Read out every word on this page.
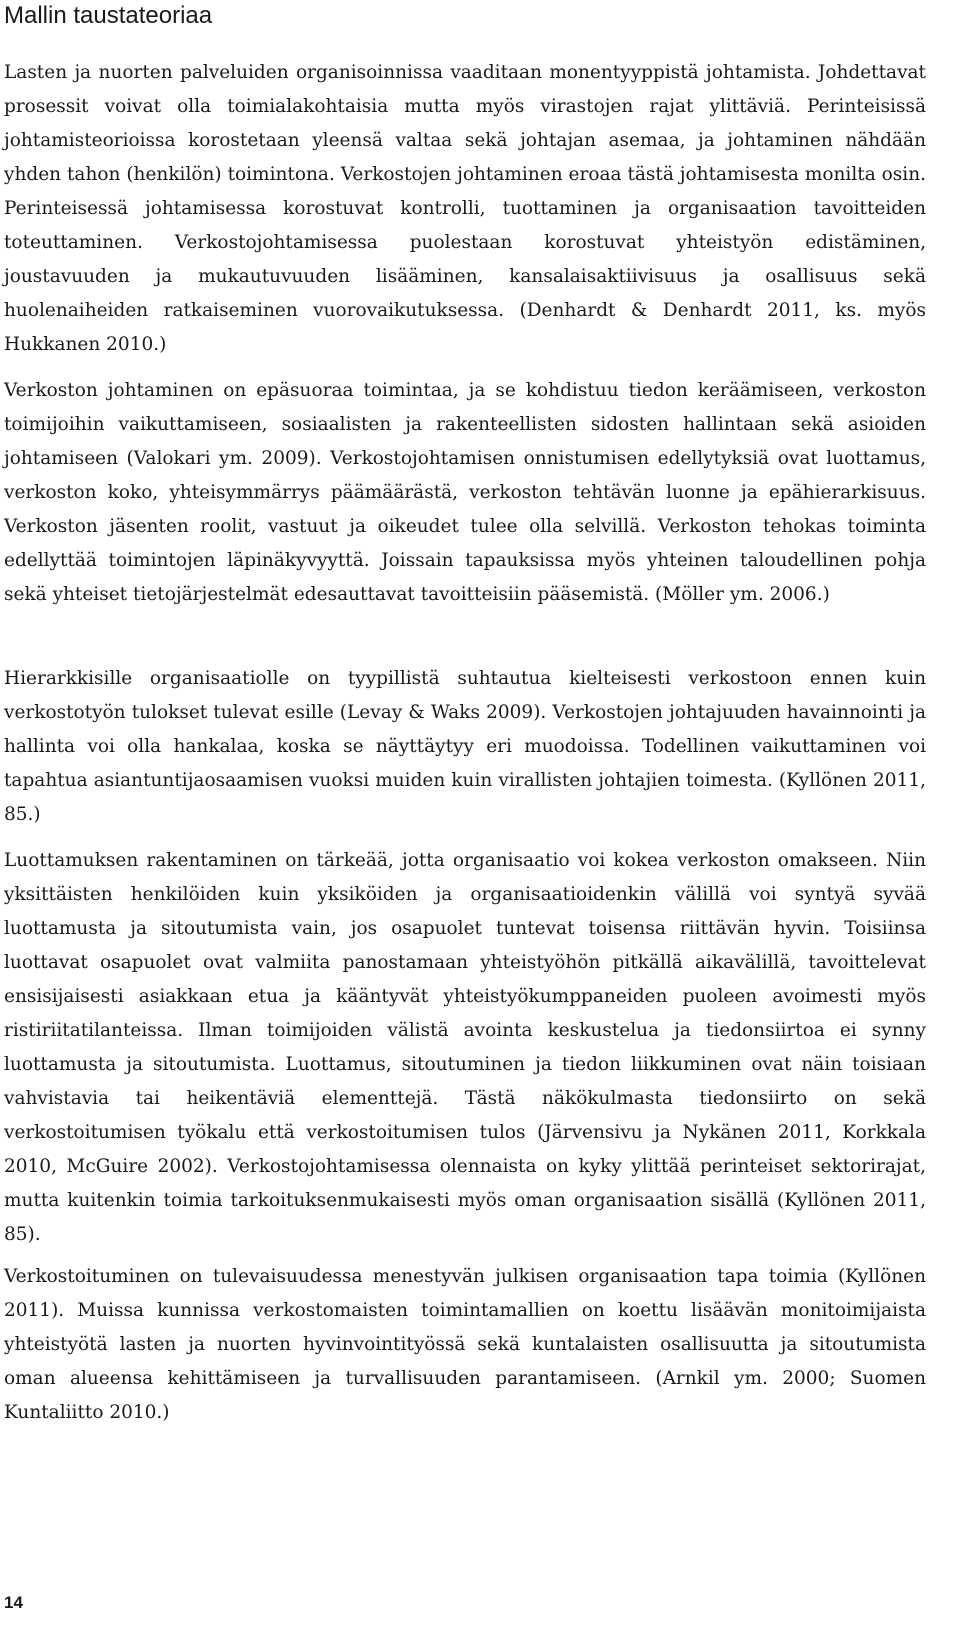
Mallin taustateoriaa

Lasten ja nuorten palveluiden organisoinnissa vaaditaan monentyyppistä johtamista. Johdettavat prosessit voivat olla toimialakohtaisia mutta myös virastojen rajat ylittäviä. Perinteisissä johtamisteorioissa korostetaan yleensä valtaa sekä johtajan asemaa, ja johtaminen nähdään yhden tahon (henkilön) toimintona. Verkostojen johtaminen eroaa tästä johtamisesta monilta osin. Perinteisessä johtamisessa korostuvat kontrolli, tuottaminen ja organisaation tavoitteiden toteuttaminen. Verkostojohtamisessa puolestaan korostuvat yhteistyön edistäminen, joustavuuden ja mukautuvuuden lisääminen, kansalaisaktiivisuus ja osallisuus sekä huolenaiheiden ratkaiseminen vuorovaikutuksessa. (Denhardt & Denhardt 2011, ks. myös Hukkanen 2010.)

Verkoston johtaminen on epäsuoraa toimintaa, ja se kohdistuu tiedon keräämiseen, verkoston toimijoihin vaikuttamiseen, sosiaalisten ja rakenteellisten sidosten hallintaan sekä asioiden johtamiseen (Valokari ym. 2009). Verkostojohtamisen onnistumisen edellytyksiä ovat luottamus, verkoston koko, yhteisymmärrys päämäärästä, verkoston tehtävän luonne ja epähierarkisuus. Verkoston jäsenten roolit, vastuut ja oikeudet tulee olla selvillä. Verkoston tehokas toiminta edellyttää toimintojen läpinäkyvyyttä. Joissain tapauksissa myös yhteinen taloudellinen pohja sekä yhteiset tietojärjestelmät edesauttavat tavoitteisiin pääsemistä. (Möller ym. 2006.)

Hierarkkisille organisaatiolle on tyypillistä suhtautua kielteisesti verkostoon ennen kuin verkostotyön tulokset tulevat esille (Levay & Waks 2009). Verkostojen johtajuuden havainnointi ja hallinta voi olla hankalaa, koska se näyttäytyy eri muodoissa. Todellinen vaikuttaminen voi tapahtua asiantuntijaosaamisen vuoksi muiden kuin virallisten johtajien toimesta. (Kyllönen 2011, 85.)

Luottamuksen rakentaminen on tärkeää, jotta organisaatio voi kokea verkoston omakseen. Niin yksittäisten henkilöiden kuin yksiköiden ja organisaatioidenkin välillä voi syntyä syvää luottamusta ja sitoutumista vain, jos osapuolet tuntevat toisensa riittävän hyvin. Toisiinsa luottavat osapuolet ovat valmiita panostamaan yhteistyöhön pitkällä aikavälillä, tavoittelevat ensisijaisesti asiakkaan etua ja kääntyvät yhteistyökumppaneiden puoleen avoimesti myös ristiriitatilanteissa. Ilman toimijoiden välistä avointa keskustelua ja tiedonsiirtoa ei synny luottamusta ja sitoutumista. Luottamus, sitoutuminen ja tiedon liikkuminen ovat näin toisiaan vahvistavia tai heikentäviä elementtejä. Tästä näkökulmasta tiedonsiirto on sekä verkostoitumisen työkalu että verkostoitumisen tulos (Järvensivu ja Nykänen 2011, Korkkala 2010, McGuire 2002). Verkostojohtamisessa olennaista on kyky ylittää perinteiset sektorirajat, mutta kuitenkin toimia tarkoituksenmukaisesti myös oman organisaation sisällä (Kyllönen 2011, 85).

Verkostoituminen on tulevaisuudessa menestyvän julkisen organisaation tapa toimia (Kyllönen 2011). Muissa kunnissa verkostomaisten toimintamallien on koettu lisäävän monitoimijaista yhteistyötä lasten ja nuorten hyvinvointityössä sekä kuntalaisten osallisuutta ja sitoutumista oman alueensa kehittämiseen ja turvallisuuden parantamiseen. (Arnkil ym. 2000; Suomen Kuntaliitto 2010.)

14
